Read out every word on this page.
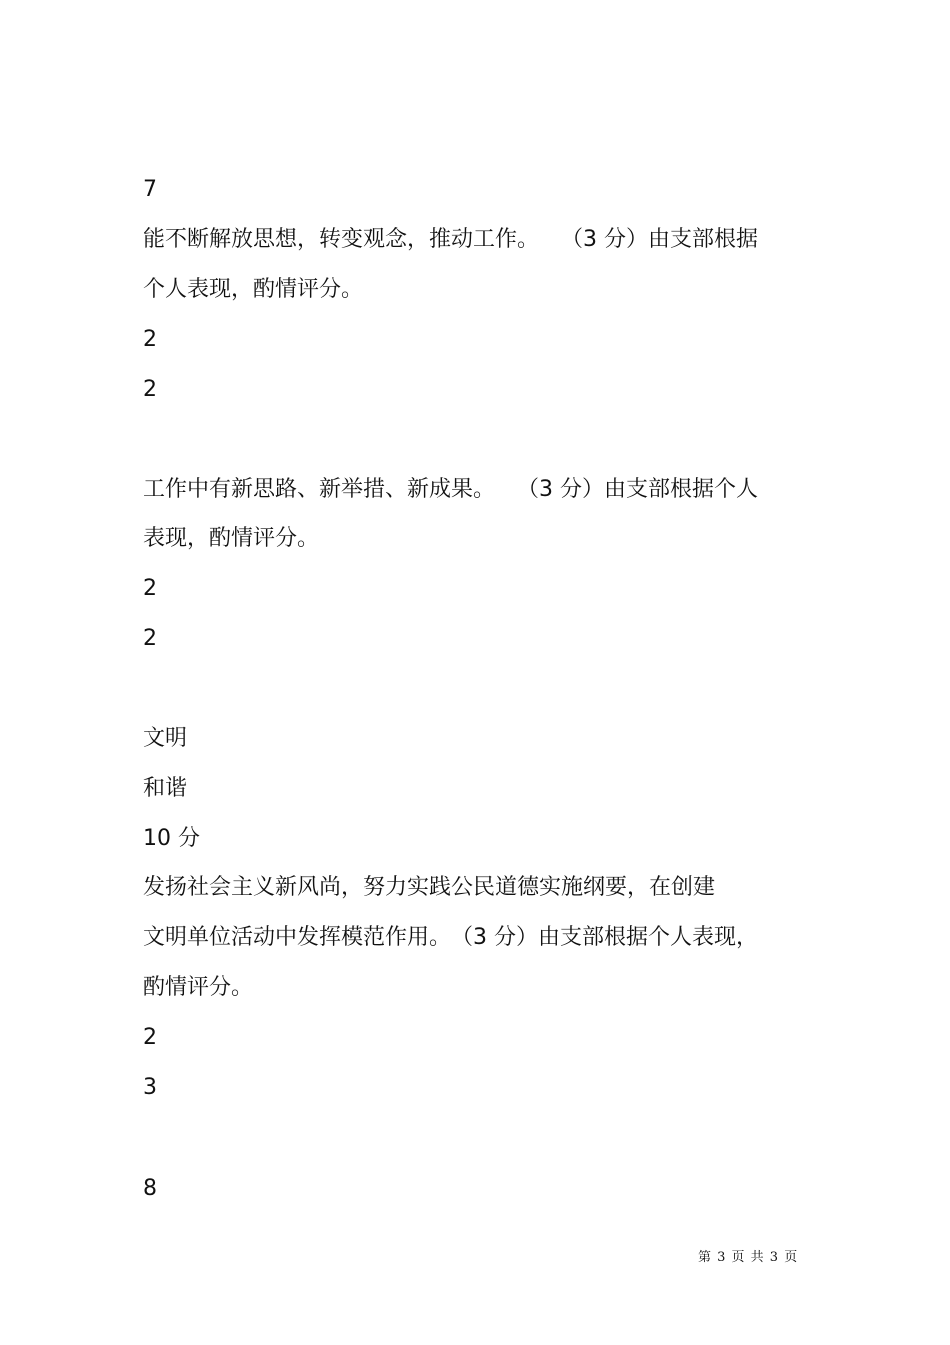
7
能不断解放思想，转变观念，推动工作。　　（3 分）由支部根据
个人表现，酌情评分。
2
2
工作中有新思路、新举措、新成果。　　（3 分）由支部根据个人
表现，酌情评分。
2
2
文明
和谐
10 分
发扬社会主义新风尚，努力实践公民道德实施纲要，在创建
文明单位活动中发挥模范作用。　（3 分）由支部根据个人表现，
酌情评分。
2
3
8
第 3 页 共 3 页
